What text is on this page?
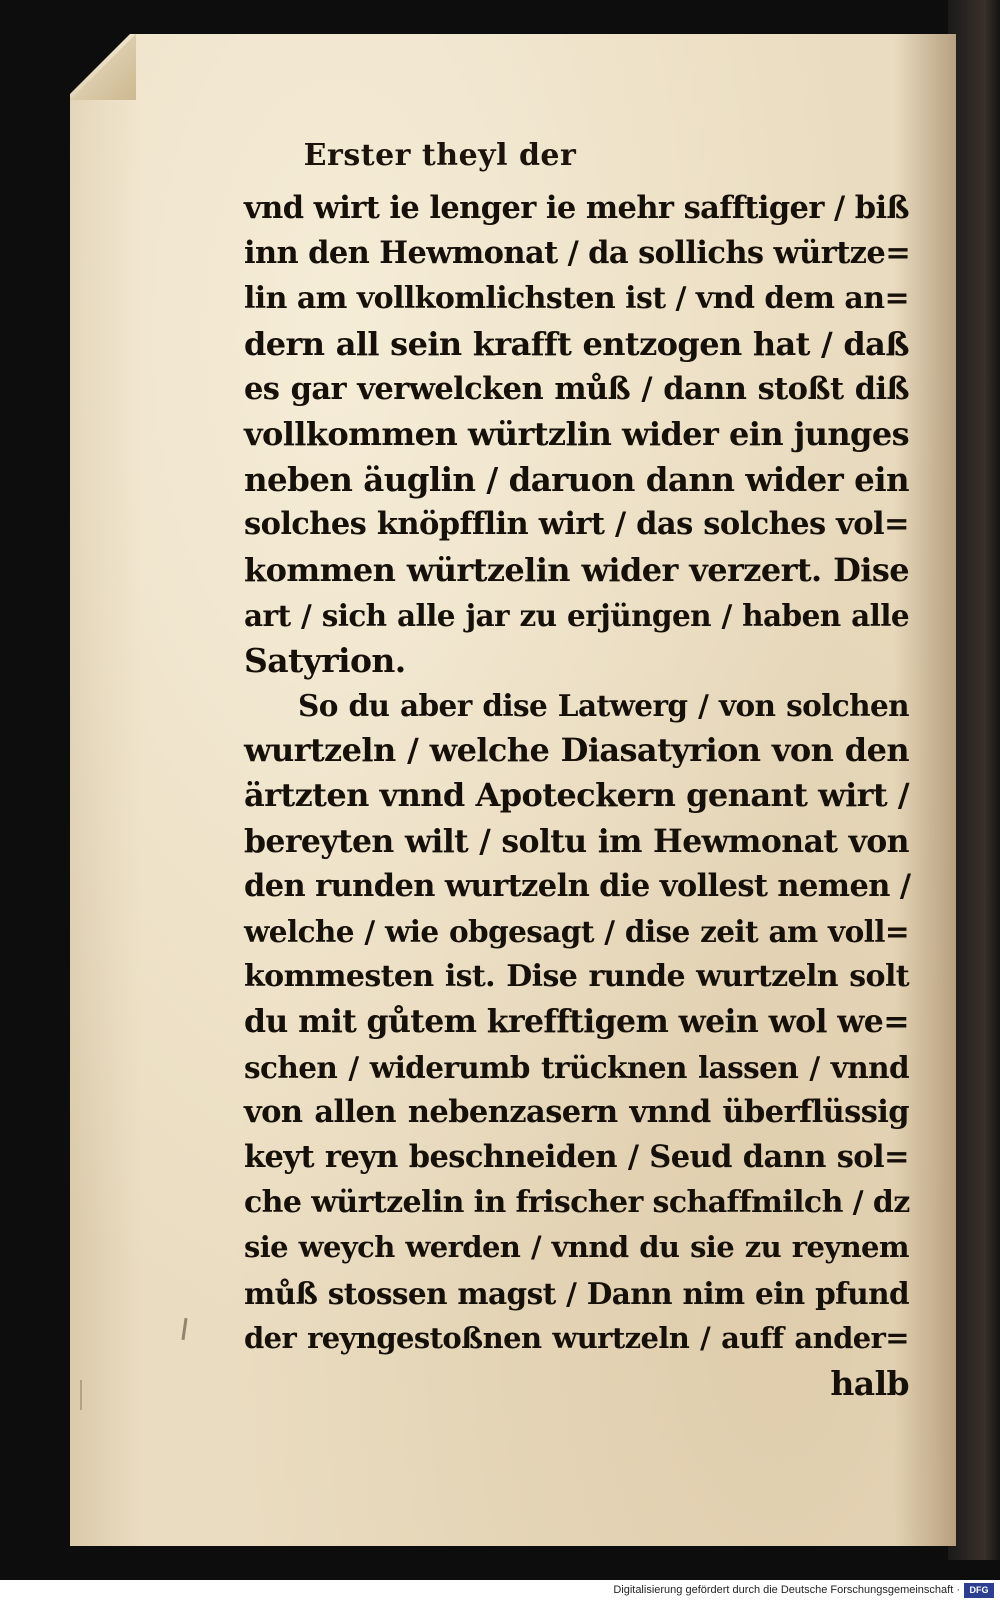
Erster theyl der
vnd wirt ie lenger ie mehr safftiger / biß
inn den Hewmonat / da sollichs würtze=
lin am vollkomlichsten ist / vnd dem an=
dern all sein krafft entzogen hat / daß
es gar verwelcken můß / dann stoßt diß
vollkommen würtzlin wider ein junges
neben äuglin / daruon dann wider ein
solches knöpfflin wirt / das solches vol=
kommen würtzelin wider verzert. Dise
art / sich alle jar zu erjüngen / haben alle
Satyrion.
So du aber dise Latwerg / von solchen
wurtzeln / welche Diasatyrion von den
ärtzten vnnd Apoteckern genant wirt /
bereyten wilt / soltu im Hewmonat von
den runden wurtzeln die vollest nemen /
welche / wie obgesagt / dise zeit am voll=
kommesten ist. Dise runde wurtzeln solt
du mit gůtem krefftigem wein wol we=
schen / widerumb trücknen lassen / vnnd
von allen nebenzasern vnnd überflüssig
keyt reyn beschneiden / Seud dann sol=
che würtzelin in frischer schaffmilch / dz
sie weych werden / vnnd du sie zu reynem
můß stossen magst / Dann nim ein pfund
der reyngestoßnen wurtzeln / auff ander=
halb
Digitalisierung gefördert durch die Deutsche Forschungsgemeinschaft ·	DFG
